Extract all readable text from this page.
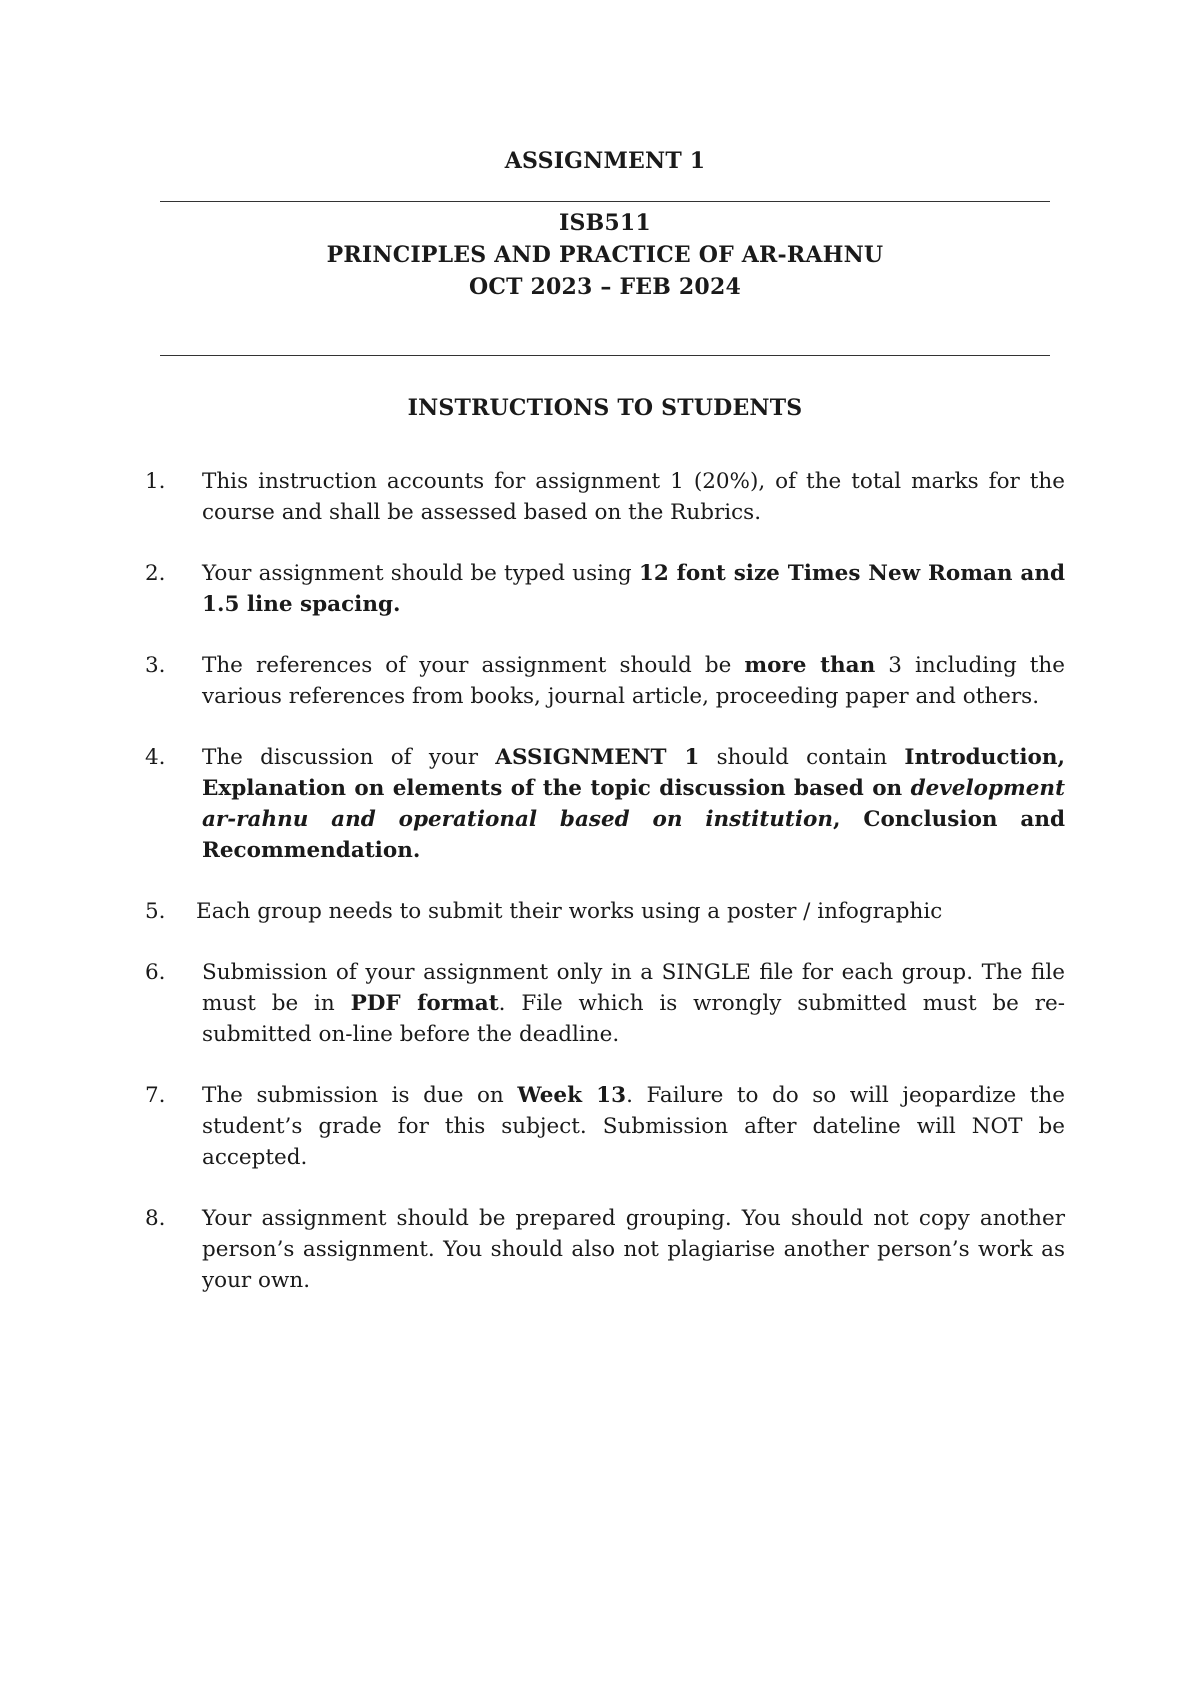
ASSIGNMENT 1
ISB511
PRINCIPLES AND PRACTICE OF AR-RAHNU
OCT 2023 – FEB 2024
INSTRUCTIONS TO STUDENTS
1.	This instruction accounts for assignment 1 (20%), of the total marks for the course and shall be assessed based on the Rubrics.
2.	Your assignment should be typed using 12 font size Times New Roman and 1.5 line spacing.
3.	The references of your assignment should be more than 3 including the various references from books, journal article, proceeding paper and others.
4.	The discussion of your ASSIGNMENT 1 should contain Introduction, Explanation on elements of the topic discussion based on development ar-rahnu and operational based on institution, Conclusion and Recommendation.
5.	Each group needs to submit their works using a poster / infographic
6.	Submission of your assignment only in a SINGLE file for each group. The file must be in PDF format. File which is wrongly submitted must be re-submitted on-line before the deadline.
7.	The submission is due on Week 13. Failure to do so will jeopardize the student’s grade for this subject. Submission after dateline will NOT be accepted.
8.	Your assignment should be prepared grouping. You should not copy another person’s assignment. You should also not plagiarise another person’s work as your own.
